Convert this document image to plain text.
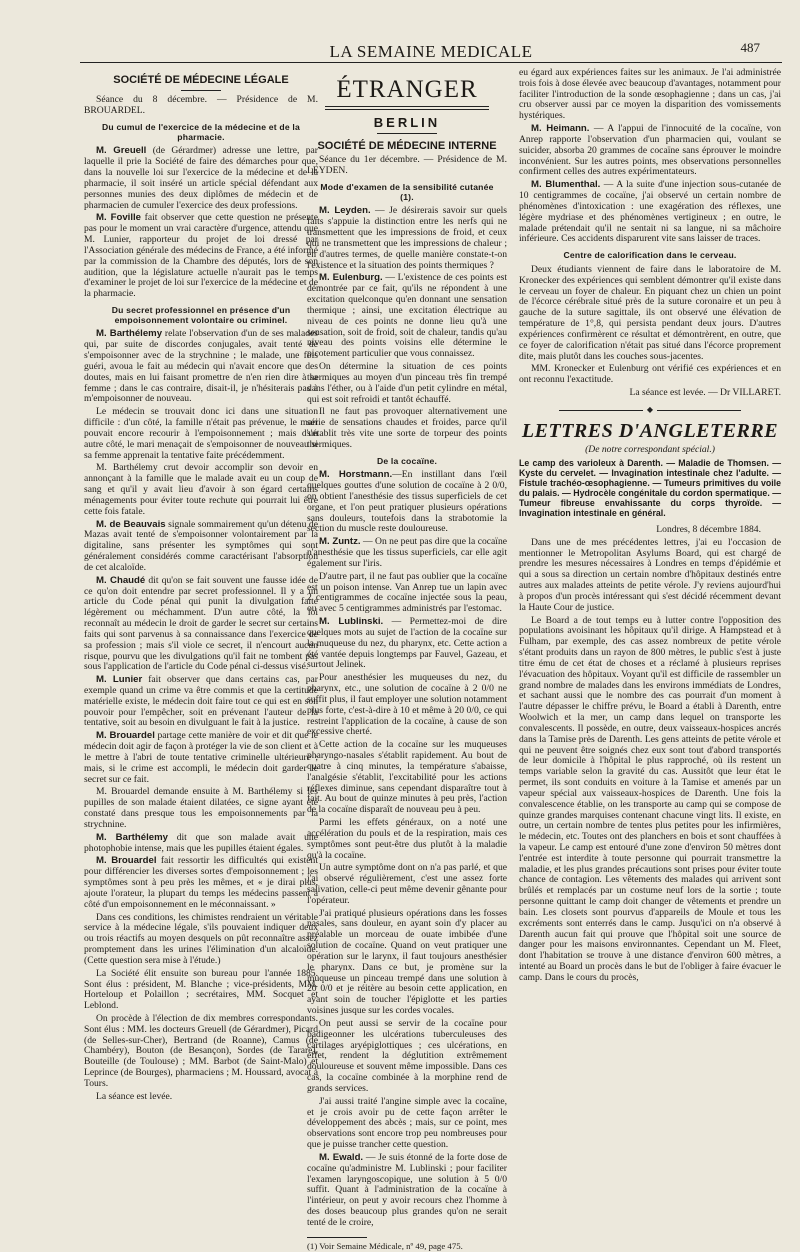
LA SEMAINE MEDICALE	487
SOCIÉTÉ DE MÉDECINE LÉGALE

Séance du 8 décembre. — Présidence de M. BROUARDEL.

Du cumul de l'exercice de la médecine et de la pharmacie.

M. Greuell (de Gérardmer) adresse une lettre, par laquelle il prie la Société de faire des démarches pour que, dans la nouvelle loi sur l'exercice de la médecine et de la pharmacie, il soit inséré un article spécial défendant aux personnes munies des deux diplômes de médecin et de pharmacien de cumuler l'exercice des deux professions.

M. Foville fait observer que cette question ne présente pas pour le moment un vrai caractère d'urgence, attendu que M. Lunier, rapporteur du projet de loi dressé par l'Association générale des médecins de France, a été informé par la commission de la Chambre des députés, lors de son audition, que la législature actuelle n'aurait pas le temps d'examiner le projet de loi sur l'exercice de la médecine et de la pharmacie.

Du secret professionnel en présence d'un empoisonnement volontaire ou criminel.

M. Barthélemy relate l'observation d'un de ses malades qui, par suite de discordes conjugales, avait tenté de s'empoisonner avec de la strychnine ; le malade, une fois guéri, avoua le fait au médecin qui n'avait encore que des doutes, mais en lui faisant promettre de n'en rien dire à sa femme ; dans le cas contraire, disait-il, je n'hésiterais pas à m'empoisonner de nouveau.

Le médecin se trouvait donc ici dans une situation difficile : d'un côté, la famille n'était pas prévenue, le mari pouvait encore recourir à l'empoisonnement ; mais d'un autre côté, le mari menaçait de s'empoisonner de nouveau si sa femme apprenait la tentative faite précédemment.

M. Barthélemy crut devoir accomplir son devoir en annonçant à la famille que le malade avait eu un coup de sang et qu'il y avait lieu d'avoir à son égard certains ménagements pour éviter toute rechute qui pourrait lui être cette fois fatale.

M. de Beauvais signale sommairement qu'un détenu de Mazas avait tenté de s'empoisonner volontairement par la digitaline, sans présenter les symptômes qui sont généralement considérés comme caractérisant l'absorption de cet alcaloïde.

M. Chaudé dit qu'on se fait souvent une fausse idée de ce qu'on doit entendre par secret professionnel. Il y a un article du Code pénal qui punit la divulgation faite légèrement ou méchamment. D'un autre côté, la loi reconnaît au médecin le droit de garder le secret sur certains faits qui sont parvenus à sa connaissance dans l'exercice de sa profession ; mais s'il viole ce secret, il n'encourt aucun risque, pourvu que les divulgations qu'il fait ne tombent pas sous l'application de l'article du Code pénal ci-dessus visé.

M. Lunier fait observer que dans certains cas, par exemple quand un crime va être commis et que la certitude matérielle existe, le médecin doit faire tout ce qui est en son pouvoir pour l'empêcher, soit en prévenant l'auteur de la tentative, soit au besoin en divulguant le fait à la justice.

M. Brouardel partage cette manière de voir et dit que le médecin doit agir de façon à protéger la vie de son client et à le mettre à l'abri de toute tentative criminelle ultérieure ; mais, si le crime est accompli, le médecin doit garder le secret sur ce fait.

M. Brouardel demande ensuite à M. Barthélemy si les pupilles de son malade étaient dilatées, ce signe ayant été constaté dans presque tous les empoisonnements par la strychnine.

M. Barthélemy dit que son malade avait une photophobie intense, mais que les pupilles étaient égales.

M. Brouardel fait ressortir les difficultés qui existent pour différencier les diverses sortes d'empoisonnement ; les symptômes sont à peu près les mêmes, et « je dirai plus, ajoute l'orateur, la plupart du temps les médecins passent à côté d'un empoisonnement en le méconnaissant. »

Dans ces conditions, les chimistes rendraient un véritable service à la médecine légale, s'ils pouvaient indiquer deux ou trois réactifs au moyen desquels on pût reconnaître assez promptement dans les urines l'élimination d'un alcaloïde. (Cette question sera mise à l'étude.)

La Société élit ensuite son bureau pour l'année 1885. Sont élus : président, M. Blanche ; vice-présidents, MM. Horteloup et Polaillon ; secrétaires, MM. Socquet et Leblond.

On procède à l'élection de dix membres correspondants. Sont élus : MM. les docteurs Greuell (de Gérardmer), Picard (de Selles-sur-Cher), Bertrand (de Roanne), Camus (de Chambéry), Bouton (de Besançon), Sordes (de Tarare), Bouteille (de Toulouse) ; MM. Barbot (de Saint-Malo) et Leprince (de Bourges), pharmaciens ; M. Houssard, avocat à Tours.

La séance est levée.

ÉTRANGER
BERLIN
SOCIÉTÉ DE MÉDECINE INTERNE

Séance du 1er décembre. — Présidence de M. LEYDEN.

Mode d'examen de la sensibilité cutanée (1).

M. Leyden. — Je désirerais savoir sur quels faits s'appuie la distinction entre les nerfs qui ne transmettent que les impressions de froid, et ceux qui ne transmettent que les impressions de chaleur ; en d'autres termes, de quelle manière constate-t-on l'existence et la situation des points thermiques ?

M. Eulenburg. — L'existence de ces points est démontrée par ce fait, qu'ils ne répondent à une excitation quelconque qu'en donnant une sensation thermique ; ainsi, une excitation électrique au niveau de ces points ne donne lieu qu'à une sensation, soit de froid, soit de chaleur, tandis qu'au niveau des points voisins elle détermine le picotement particulier que vous connaissez.

On détermine la situation de ces points thermiques au moyen d'un pinceau très fin trempé dans l'éther, ou à l'aide d'un petit cylindre en métal, qui est soit refroidi et tantôt échauffé.

Il ne faut pas provoquer alternativement une série de sensations chaudes et froides, parce qu'il s'établit très vite une sorte de torpeur des points thermiques.

De la cocaïne.

M. Horstmann.—En instillant dans l'œil quelques gouttes d'une solution de cocaïne à 2 0/0, on obtient l'anesthésie des tissus superficiels de cet organe, et l'on peut pratiquer plusieurs opérations sans douleurs, toutefois dans la strabotomie la section du muscle reste douloureuse.

M. Zuntz. — On ne peut pas dire que la cocaïne n'anesthésie que les tissus superficiels, car elle agit également sur l'iris.

D'autre part, il ne faut pas oublier que la cocaïne est un poison intense. Van Anrep tue un lapin avec 2 centigrammes de cocaïne injectée sous la peau, ou avec 5 centigrammes administrés par l'estomac.

M. Lublinski. — Permettez-moi de dire quelques mots au sujet de l'action de la cocaïne sur la muqueuse du nez, du pharynx, etc. Cette action a été vantée depuis longtemps par Fauvel, Gazeau, et surtout Jelinek.

Pour anesthésier les muqueuses du nez, du pharynx, etc., une solution de cocaïne à 2 0/0 ne suffit plus, il faut employer une solution notamment plus forte, c'est-à-dire à 10 et même à 20 0/0, ce qui restreint l'application de la cocaïne, à cause de son excessive cherté.

Cette action de la cocaïne sur les muqueuses pharyngo-nasales s'établit rapidement. Au bout de quatre à cinq minutes, la température s'abaisse, l'analgésie s'établit, l'excitabilité pour les actions réflexes diminue, sans cependant disparaître tout à fait. Au bout de quinze minutes à peu près, l'action de la cocaïne disparaît de nouveau peu à peu.

Parmi les effets généraux, on a noté une accélération du pouls et de la respiration, mais ces symptômes sont peut-être dus plutôt à la maladie qu'à la cocaïne.

Un autre symptôme dont on n'a pas parlé, et que j'ai observé régulièrement, c'est une assez forte salivation, celle-ci peut même devenir gênante pour l'opérateur.

J'ai pratiqué plusieurs opérations dans les fosses nasales, sans douleur, en ayant soin d'y placer au préalable un morceau de ouate imbibée d'une solution de cocaïne. Quand on veut pratiquer une opération sur le larynx, il faut toujours anesthésier le pharynx. Dans ce but, je promène sur la muqueuse un pinceau trempé dans une solution à 20 0/0 et je réitère au besoin cette application, en ayant soin de toucher l'épiglotte et les parties voisines jusque sur les cordes vocales.

On peut aussi se servir de la cocaïne pour badigeonner les ulcérations tuberculeuses des cartilages aryépiglottiques ; ces ulcérations, en effet, rendent la déglutition extrêmement douloureuse et souvent même impossible. Dans ces cas, la cocaïne combinée à la morphine rend de grands services.

J'ai aussi traité l'angine simple avec la cocaïne, et je crois avoir pu de cette façon arrêter le développement des abcès ; mais, sur ce point, mes observations sont encore trop peu nombreuses pour que je puisse trancher cette question.

M. Ewald. — Je suis étonné de la forte dose de cocaïne qu'administre M. Lublinski ; pour faciliter l'examen laryngoscopique, une solution à 5 0/0 suffit. Quant à l'administration de la cocaïne à l'intérieur, on peut y avoir recours chez l'homme à des doses beaucoup plus grandes qu'on ne serait tenté de le croire,

(1) Voir Semaine Médicale, nº 49, page 475.

eu égard aux expériences faites sur les animaux. Je l'ai administrée trois fois à dose élevée avec beaucoup d'avantages, notamment pour faciliter l'introduction de la sonde œsophagienne ; dans un cas, j'ai cru observer aussi par ce moyen la disparition des vomissements hystériques.

M. Heimann. — A l'appui de l'innocuité de la cocaïne, von Anrep rapporte l'observation d'un pharmacien qui, voulant se suicider, absorba 20 grammes de cocaïne sans éprouver le moindre inconvénient. Sur les autres points, mes observations personnelles confirment celles des autres expérimentateurs.

M. Blumenthal. — A la suite d'une injection sous-cutanée de 10 centigrammes de cocaïne, j'ai observé un certain nombre de phénomènes d'intoxication : une exagération des réflexes, une légère mydriase et des phénomènes vertigineux ; en outre, le malade prétendait qu'il ne sentait ni sa langue, ni sa mâchoire inférieure. Ces accidents disparurent vite sans laisser de traces.

Centre de calorification dans le cerveau.

Deux étudiants viennent de faire dans le laboratoire de M. Kronecker des expériences qui semblent démontrer qu'il existe dans le cerveau un foyer de chaleur. En piquant chez un chien un point de l'écorce cérébrale situé près de la suture coronaire et un peu à gauche de la suture sagittale, ils ont observé une élévation de température de 1°,8, qui persista pendant deux jours. D'autres expériences confirmèrent ce résultat et démontrèrent, en outre, que ce foyer de calorification n'était pas situé dans l'écorce proprement dite, mais plutôt dans les couches sous-jacentes.

MM. Kronecker et Eulenburg ont vérifié ces expériences et en ont reconnu l'exactitude.

La séance est levée. — Dr VILLARET.

◆
LETTRES D'ANGLETERRE
(De notre correspondant spécial.)

Le camp des varioleux à Darenth. — Maladie de Thomsen. — Kyste du cervelet. — Invagination intestinale chez l'adulte. — Fistule trachéo-œsophagienne. — Tumeurs primitives du voile du palais. — Hydrocèle congénitale du cordon spermatique. — Tumeur fibreuse envahissante du corps thyroïde. — Invagination intestinale en général.

Londres, 8 décembre 1884.

Dans une de mes précédentes lettres, j'ai eu l'occasion de mentionner le Metropolitan Asylums Board, qui est chargé de prendre les mesures nécessaires à Londres en temps d'épidémie et qui a sous sa direction un certain nombre d'hôpitaux destinés entre autres aux malades atteints de petite vérole. J'y reviens aujourd'hui à propos d'un procès intéressant qui s'est décidé récemment devant la Haute Cour de justice.

Le Board a de tout temps eu à lutter contre l'opposition des populations avoisinant les hôpitaux qu'il dirige. A Hampstead et à Fulham, par exemple, des cas assez nombreux de petite vérole s'étant produits dans un rayon de 800 mètres, le public s'est à juste titre ému de cet état de choses et a réclamé à plusieurs reprises l'évacuation des hôpitaux. Voyant qu'il est difficile de rassembler un grand nombre de malades dans les environs immédiats de Londres, et sachant aussi que le nombre des cas pourrait d'un moment à l'autre dépasser le chiffre prévu, le Board a établi à Darenth, entre Woolwich et la mer, un camp dans lequel on transporte les convalescents. Il possède, en outre, deux vaisseaux-hospices ancrés dans la Tamise près de Darenth. Les gens atteints de petite vérole et qui ne peuvent être soignés chez eux sont tout d'abord transportés de leur domicile à l'hôpital le plus rapproché, où ils restent un temps variable selon la gravité du cas. Aussitôt que leur état le permet, ils sont conduits en voiture à la Tamise et amenés par un vapeur spécial aux vaisseaux-hospices de Darenth. Une fois la convalescence établie, on les transporte au camp qui se compose de quinze grandes marquises contenant chacune vingt lits. Il existe, en outre, un certain nombre de tentes plus petites pour les infirmières, le médecin, etc. Toutes ont des planchers en bois et sont chauffées à la vapeur. Le camp est entouré d'une zone d'environ 50 mètres dont l'entrée est interdite à toute personne qui pourrait transmettre la maladie, et les plus grandes précautions sont prises pour éviter toute chance de contagion. Les vêtements des malades qui arrivent sont brûlés et remplacés par un costume neuf lors de la sortie ; toute personne quittant le camp doit changer de vêtements et prendre un bain. Les closets sont pourvus d'appareils de Moule et tous les excréments sont enterrés dans le camp. Jusqu'ici on n'a observé à Darenth aucun fait qui prouve que l'hôpital soit une source de danger pour les maisons environnantes. Cependant un M. Fleet, dont l'habitation se trouve à une distance d'environ 600 mètres, a intenté au Board un procès dans le but de l'obliger à faire évacuer le camp. Dans le cours du procès,
